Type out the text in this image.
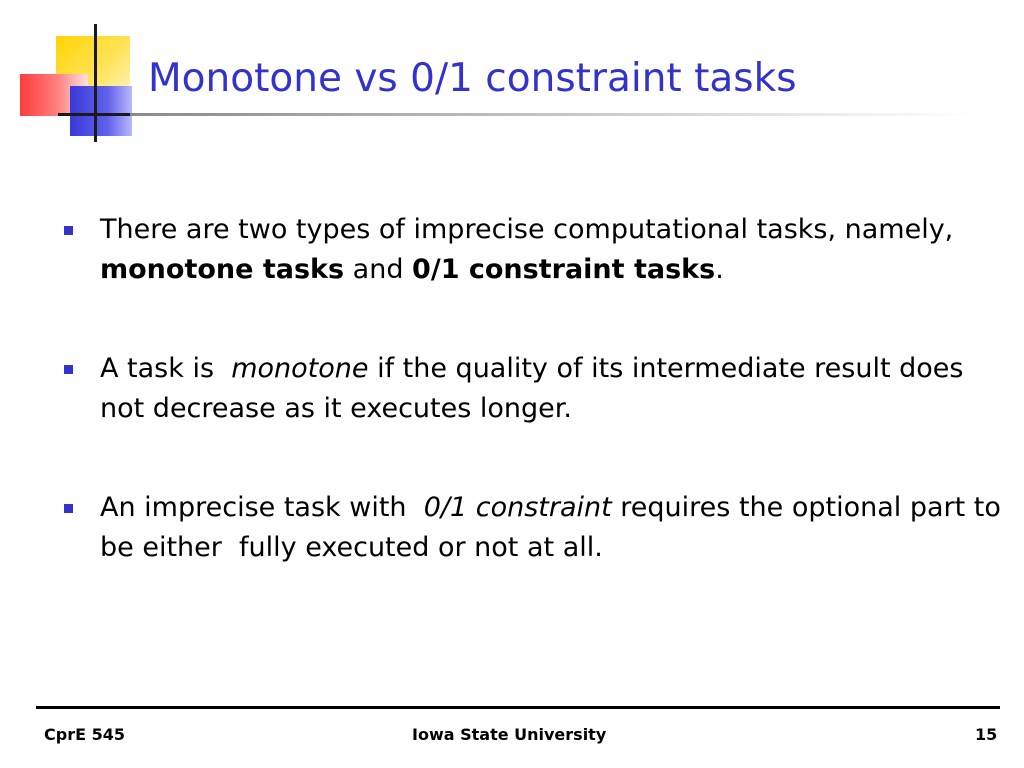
Monotone vs 0/1 constraint tasks
There are two types of imprecise computational tasks, namely, monotone tasks and 0/1 constraint tasks.
A task is  monotone if the quality of its intermediate result does not decrease as it executes longer.
An imprecise task with  0/1 constraint requires the optional part to be either  fully executed or not at all.
CprE 545	Iowa State University	15
